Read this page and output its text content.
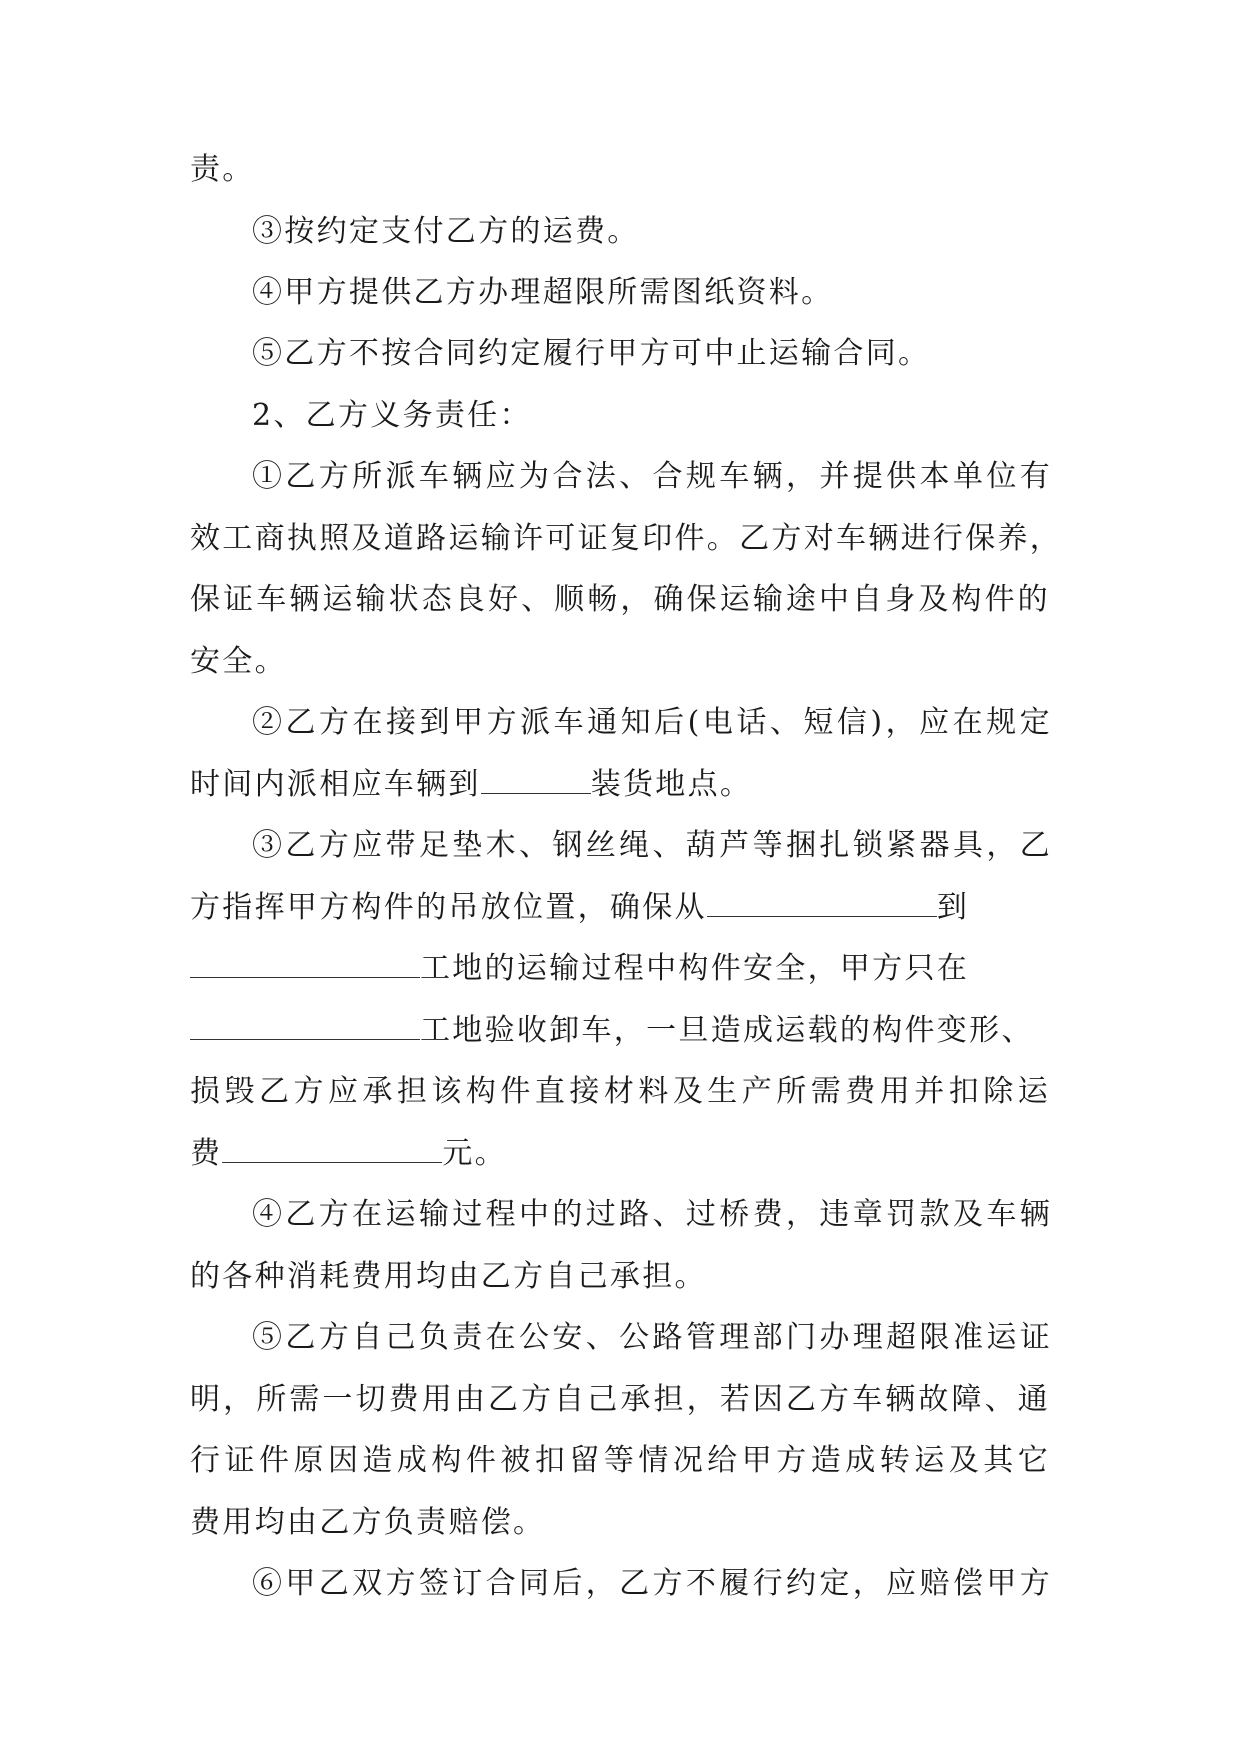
责。
③按约定支付乙方的运费。
④甲方提供乙方办理超限所需图纸资料。
⑤乙方不按合同约定履行甲方可中止运输合同。
2、乙方义务责任：
①乙方所派车辆应为合法、合规车辆，并提供本单位有
效工商执照及道路运输许可证复印件。乙方对车辆进行保养，
保证车辆运输状态良好、顺畅，确保运输途中自身及构件的
安全。
②乙方在接到甲方派车通知后(电话、短信)，应在规定
时间内派相应车辆到	装货地点。
③乙方应带足垫木、钢丝绳、葫芦等捆扎锁紧器具，乙
方指挥甲方构件的吊放位置，确保从	到
工地的运输过程中构件安全，甲方只在
工地验收卸车，一旦造成运载的构件变形、
损毁乙方应承担该构件直接材料及生产所需费用并扣除运
费	元。
④乙方在运输过程中的过路、过桥费，违章罚款及车辆
的各种消耗费用均由乙方自己承担。
⑤乙方自己负责在公安、公路管理部门办理超限准运证
明，所需一切费用由乙方自己承担，若因乙方车辆故障、通
行证件原因造成构件被扣留等情况给甲方造成转运及其它
费用均由乙方负责赔偿。
⑥甲乙双方签订合同后，乙方不履行约定，应赔偿甲方
